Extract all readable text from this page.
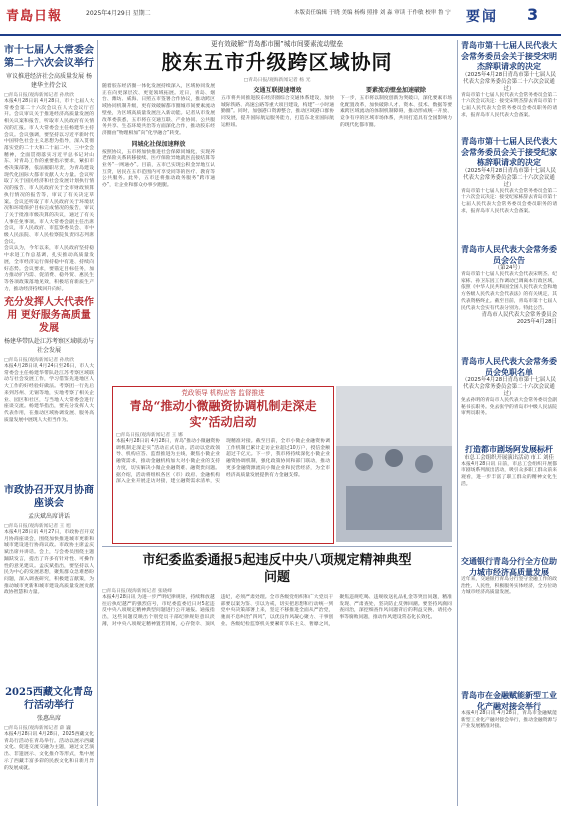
青島日報	2025年4月29日 星期二	本版责任编辑 于晓 美编 杨梅 照排 刘 淼 审读 于作敏 校审 鲁 宁 要闻 3

市十七届人大常委会第二十六次会议举行

审议推进经济社会高质量发展 杨建华主持会议

□青岛日报/观海新闻记者 孙欣欣

本报4月28日讯 4月28日，市十七届人大常委会第二十六次会议在人大会议厅召开。会议审议关于推进经济高质量发展的相关议案和报告，听取市人民政府有关情况的汇报。市人大常委会主任杨建华主持会议。会议强调，要坚持以习近平新时代中国特色社会主义思想为指导，深入贯彻落实党的二十大和二十届二中、三中全会精神，全面贯彻落实习近平总书记对山东、对青岛工作的重要指示要求，紧扣市委决策部署，依法履职尽责，为青岛建设现代化国际大都市贡献人大力量。会议听取了关于国民经济和社会发展计划执行情况的报告、市人民政府关于全市财政预算执行情况的报告等，审议了有关决定草案。会议还听取了市人民政府关于环境状况和环境保护目标完成情况的报告，审议了关于批准市级决算的决议，通过了有关人事任免事项。市人大常委会副主任出席会议，市人民政府、市监察委员会、市中级人民法院、市人民检察院负责同志列席会议。

会议认为，今年以来，市人民政府坚持稳中求进工作总基调，扎实推动高质量发展，全市经济运行保持稳中有进、持续向好态势。会议要求，要锚定目标任务，加力推动扩内需、促消费、稳外贸、惠民生等各项政策落地见效，积极培育新质生产力，推动经济持续回升向好。

充分发挥人大代表作用 更好服务高质量发展

杨建华带队赴江苏考察区域联动与社会发展

□青岛日报/观海新闻记者 孙欣欣

本报4月28日讯 4月24日至26日，市人大常委会主任杨建华带队赴江苏考察区域联动与社会发展工作，学习借鉴先进地区人大工作的好经验好做法。考察团一行先后来到苏州、无锡等地，实地考察了相关企业、园区和社区，与当地人大常委会进行座谈交流。杨建华指出，要充分发挥人大代表作用，在推动区域协调发展、服务高质量发展中展现人大担当作为。

市政协召开双月协商座谈会

孟庆斌出席讲话

□青岛日报/观海新闻记者 王 旭

本报4月28日讯 4月27日，市政协召开双月协商座谈会，围绕加快推进城市更新和城市建设进行协商议政。市政协主席孟庆斌出席并讲话。会上，与会委员围绕主题踊跃发言，提出了许多有针对性、可操作性的意见建议。孟庆斌指出，要坚持以人民为中心的发展思想，聚焦群众急难愁盼问题，深入调查研究，积极建言献策，为推动城市更新和城市建设高质量发展贡献政协智慧和力量。

2025西藏文化青岛行活动举行

张惠出席

□青岛日报/观海新闻记者 薛 巍

本报4月28日讯 4月28日，2025西藏文化青岛行活动在青岛举行。活动以展示西藏文化、促进交流交融为主题，通过文艺演出、非遗展示、文化推介等形式，集中展示了西藏丰富多彩的民族文化和日新月异的发展成就。

更有效破解“青岛都市圈”城市间要素流动壁垒

胶东五市升级跨区域协同

□青岛日报/观海新闻记者 杨 光

随着胶东经济圈一体化发展持续深入，区域协同发展正在向更深层次、更宽领域拓展。近日，青岛、烟台、潍坊、威海、日照五市签署合作协议，推动跨区域协同机制升级，更有效破解都市圈城市间要素流动壁垒，为区域高质量发展注入新动能。记者从市发展改革委获悉，五市将在交通互联、产业协同、公共服务共享、生态环境共治等方面深化合作，推动胶东经济圈由“物理相加”向“化学融合”转变。

同城化社保加速释放

按照协议，五市将加快推进社会保障同城化，实现养老保险关系转移接续、医疗保险异地就医直接结算等业务“一网通办”。目前，五市已实现公积金异地互认互贷，居民在五市范围内可享受同等的医疗、教育等公共服务。此外，五市还将推动政务服务“跨市通办”，让企业和群众办事少跑腿。

交通互联提速增效

五市将共同推进胶东经济圈综合交通体系建设，加快城际铁路、高速公路等重大项目建设，构建“一小时通勤圈”。同时，加强港口资源整合，推动区域港口群协同发展，提升国际航运服务能力，打造东北亚国际航运枢纽。

要素流动壁垒加速破除

下一步，五市将以制度创新为突破口，深化要素市场化配置改革，加快破除人才、资本、技术、数据等要素跨区域流动的体制机制障碍，推动形成统一开放、竞争有序的区域市场体系，共同打造具有全国影响力的现代化都市圈。

党政领导 机构应答 监督推进

青岛“推动小微融资协调机制走深走实”活动启动

□青岛日报/观海新闻记者 王 娜

本报4月28日讯 4月28日，青岛“推动小微融资协调机制走深走实”活动正式启动。活动以党政领导、机构应答、监督推进为主线，聚焦小微企业融资需求，推动金融机构加大对小微企业的支持力度，切实解决小微企业融资难、融资贵问题。据介绍，活动将组织各区（市）政府、金融机构深入企业开展走访对接，建立融资需求清单，实现精准对接。截至目前，全市小微企业融资协调工作机制已累计走访企业超过10万户，授信金额超过千亿元。下一步，我市将持续深化小微企业融资协调机制，强化政策协同和部门联动，推动更多金融资源流向小微企业和民营经济，为全市经济高质量发展提供有力金融支撑。

市纪委监委通报5起违反中央八项规定精神典型问题

□青岛日报/观海新闻记者 张晓峰

本报4月28日讯 为进一步严明纪律规矩，持续释放越往后执纪越严的强烈信号，市纪委监委近日对5起违反中央八项规定精神典型问题进行公开通报。通报指出，这些问题反映出个别党员干部纪律规矩意识淡薄，对中央八项规定精神置若罔闻，心存侥幸、顶风违纪，必须严肃处理。全市各级党组织和广大党员干部要以案为鉴、引以为戒，切实把思想和行动统一到党中央决策部署上来，坚定不移推进全面从严治党，驰而不息纠治“四风”，以优良作风凝心聚力、干事创业。各级纪检监察机关要紧盯享乐主义、奢靡之风，聚焦违规吃喝、违规收送礼品礼金等突出问题，精准发现、严肃查处，坚决防止反弹回潮。要坚持风腐同查同治，深挖细查作风问题背后的利益交换、请托办事等腐败问题，推动作风建设常态化长效化。

青岛市第十七届人民代表大会常务委员会关于接受宋明杰辞职请求的决定

（2025年4月28日青岛市第十七届人民代表大会常务委员会第二十六次会议通过）

青岛市第十七届人民代表大会常务委员会第二十六次会议决定：接受宋明杰辞去青岛市第十七届人民代表大会常务委员会委员职务的请求，报青岛市人民代表大会备案。

青岛市第十七届人民代表大会常务委员会关于接受纪家栋辞职请求的决定

（2025年4月28日青岛市第十七届人民代表大会常务委员会第二十六次会议通过）

青岛市第十七届人民代表大会常务委员会第二十六次会议决定：接受纪家栋辞去青岛市第十七届人民代表大会常务委员会委员职务的请求，报青岛市人民代表大会备案。

青岛市人民代表大会常务委员会公告

（第24号）

青岛市第十七届人民代表大会代表宋明杰、纪家栋、孙卫东因工作调动已调离本行政区域，依照《中华人民共和国全国人民代表大会和地方各级人民代表大会代表法》的有关规定，其代表资格终止。截至目前，青岛市第十七届人民代表大会实有代表分别为。特此公告。

青岛市人民代表大会常务委员会

2025年4月28日

青岛市人民代表大会常务委员会免职名单

（2025年4月28日青岛市第十七届人民代表大会常务委员会第二十六次会议通过）

免去孙明的青岛市人民代表大会常务委员会副秘书长职务。免去张学的青岛市中级人民法院审判员职务。

打造都市剧场阿发展标杆

市总工会组织开展演出活动 市工 刘佳

本报4月28日讯 日前，市总工会组织开展都市剧场系列演出活动，吸引众多职工群众前来观看，进一步丰富了职工群众的精神文化生活。

交通银行青岛分行全方位助力城市经济高质量发展

近年来，交通银行青岛分行坚守金融工作的政治性、人民性，积极服务实体经济，全方位助力城市经济高质量发展。

青岛市在金融赋能新型工业化产融对接会举行

本报4月28日讯 4月28日，青岛市金融赋能新型工业化产融对接会举行，推动金融资源与产业发展精准对接。
